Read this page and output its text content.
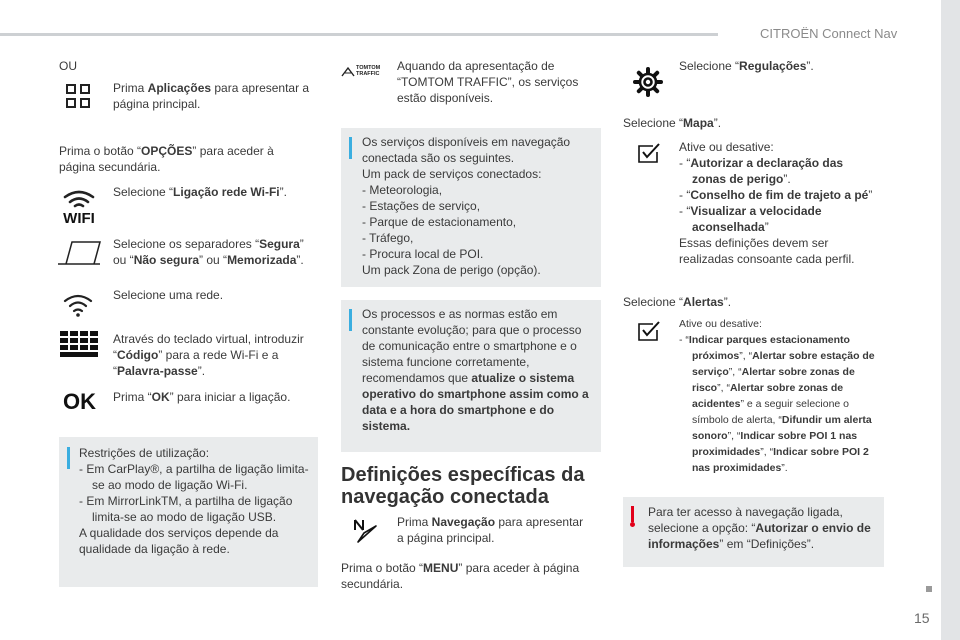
CITROËN Connect Nav
15
OU
Prima Aplicações para apresentar a página principal.
Prima o botão “OPÇÕES” para aceder à página secundária.
WIFI
Selecione “Ligação rede Wi-Fi”.
Selecione os separadores “Segura” ou “Não segura” ou “Memorizada”.
Selecione uma rede.
Através do teclado virtual, introduzir “Código” para a rede Wi-Fi e a “Palavra-passe”.
OK Prima “OK” para iniciar a ligação.
Restrições de utilização:
- Em CarPlay®, a partilha de ligação limita-se ao modo de ligação Wi-Fi.
- Em MirrorLinkTM, a partilha de ligação limita-se ao modo de ligação USB.
A qualidade dos serviços depende da qualidade da ligação à rede.
TOMTOM TRAFFIC
Aquando da apresentação de “TOMTOM TRAFFIC”, os serviços estão disponíveis.
Os serviços disponíveis em navegação conectada são os seguintes.
Um pack de serviços conectados:
- Meteorologia,
- Estações de serviço,
- Parque de estacionamento,
- Tráfego,
- Procura local de POI.
Um pack Zona de perigo (opção).
Os processos e as normas estão em constante evolução; para que o processo de comunicação entre o smartphone e o sistema funcione corretamente, recomendamos que atualize o sistema operativo do smartphone assim como a data e a hora do smartphone e do sistema.
Definições específicas da navegação conectada
Prima Navegação para apresentar a página principal.
Prima o botão “MENU” para aceder à página secundária.
Selecione “Regulações”.
Selecione “Mapa”.
Ative ou desative:
- “Autorizar a declaração das zonas de perigo”.
- “Conselho de fim de trajeto a pé”
- “Visualizar a velocidade aconselhada”
Essas definições devem ser realizadas consoante cada perfil.
Selecione “Alertas”.
Ative ou desative:
- “Indicar parques estacionamento próximos”, “Alertar sobre estação de serviço”, “Alertar sobre zonas de risco”, “Alertar sobre zonas de acidentes” e a seguir selecione o símbolo de alerta, “Difundir um alerta sonoro”, “Indicar sobre POI 1 nas proximidades”, “Indicar sobre POI 2 nas proximidades”.
Para ter acesso à navegação ligada, selecione a opção: “Autorizar o envio de informações” em “Definições”.
